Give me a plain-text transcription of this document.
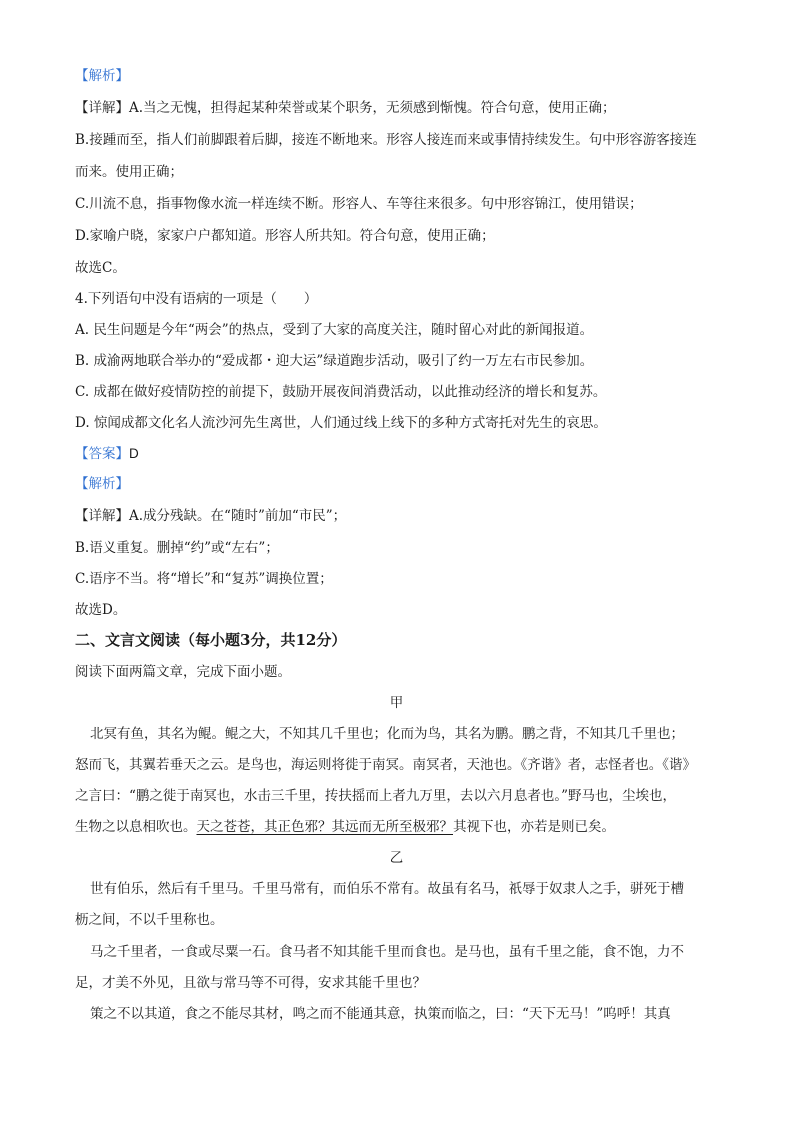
【解析】
【详解】A.当之无愧，担得起某种荣誉或某个职务，无须感到惭愧。符合句意，使用正确；
B.接踵而至，指人们前脚跟着后脚，接连不断地来。形容人接连而来或事情持续发生。句中形容游客接连
而来。使用正确；
C.川流不息，指事物像水流一样连续不断。形容人、车等往来很多。句中形容锦江，使用错误；
D.家喻户晓，家家户户都知道。形容人所共知。符合句意，使用正确；
故选C。
4.下列语句中没有语病的一项是（　　）
A. 民生问题是今年“两会”的热点，受到了大家的高度关注，随时留心对此的新闻报道。
B. 成渝两地联合举办的“爱成都・迎大运”绿道跑步活动，吸引了约一万左右市民参加。
C. 成都在做好疫情防控的前提下，鼓励开展夜间消费活动，以此推动经济的增长和复苏。
D. 惊闻成都文化名人流沙河先生离世，人们通过线上线下的多种方式寄托对先生的哀思。
【答案】D
【解析】
【详解】A.成分残缺。在“随时”前加“市民”；
B.语义重复。删掉“约”或“左右”；
C.语序不当。将“增长”和“复苏”调换位置；
故选D。
二、文言文阅读（每小题3分，共12分）
阅读下面两篇文章，完成下面小题。
甲
北冥有鱼，其名为鲲。鲲之大，不知其几千里也；化而为鸟，其名为鹏。鹏之背，不知其几千里也；
怒而飞，其翼若垂天之云。是鸟也，海运则将徙于南冥。南冥者，天池也。《齐谐》者，志怪者也。《谐》
之言曰：“鹏之徙于南冥也，水击三千里，抟扶摇而上者九万里，去以六月息者也。”野马也，尘埃也，
生物之以息相吹也。天之苍苍，其正色邪？其远而无所至极邪？其视下也，亦若是则已矣。
乙
世有伯乐，然后有千里马。千里马常有，而伯乐不常有。故虽有名马，祇辱于奴隶人之手，骈死于槽
枥之间，不以千里称也。
马之千里者，一食或尽粟一石。食马者不知其能千里而食也。是马也，虽有千里之能，食不饱，力不
足，才美不外见，且欲与常马等不可得，安求其能千里也？
策之不以其道，食之不能尽其材，鸣之而不能通其意，执策而临之，曰：“天下无马！”呜呼！其真
